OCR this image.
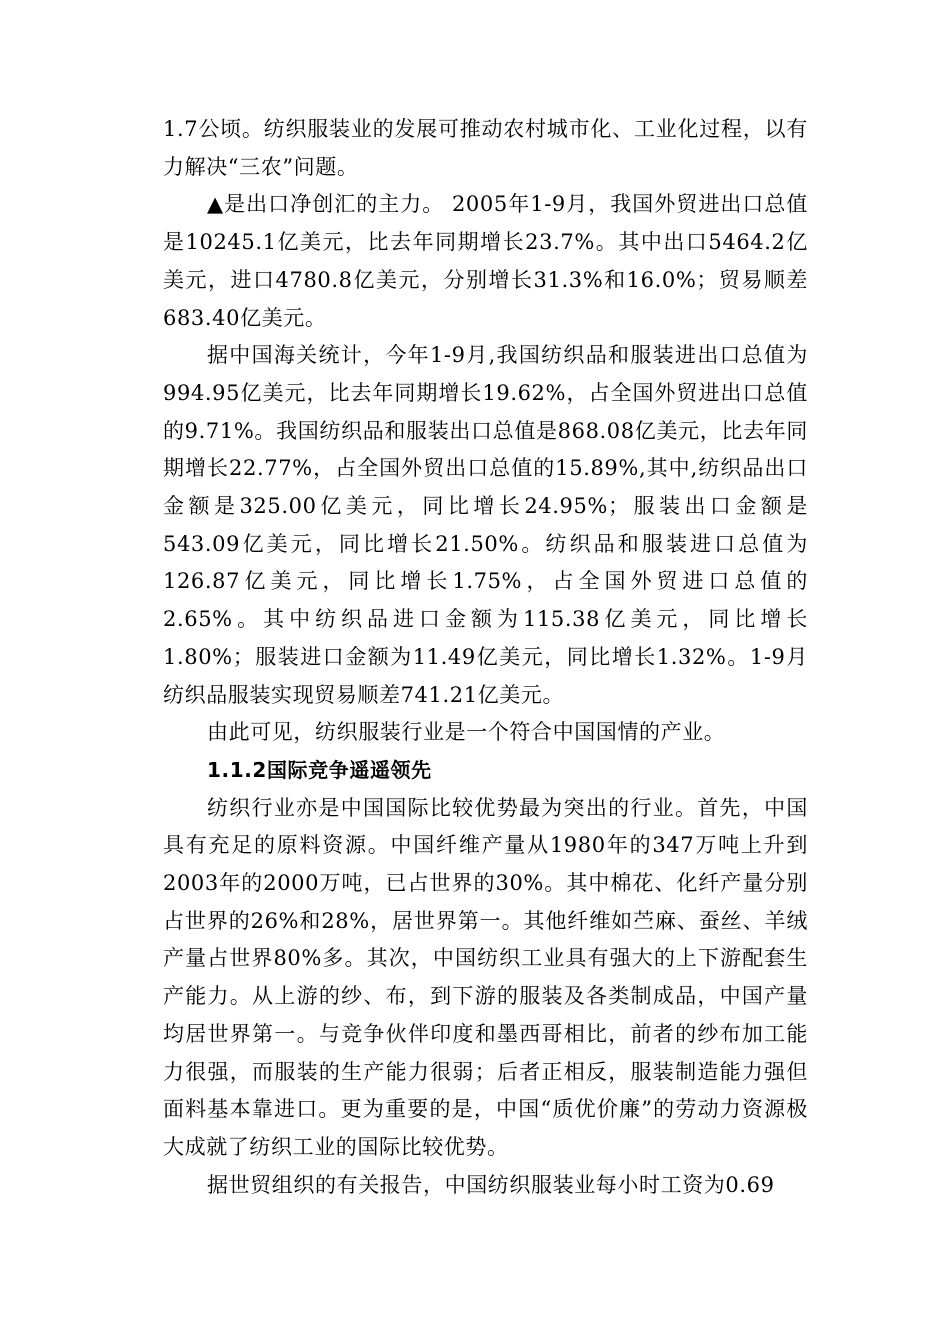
1.7公顷。纺织服装业的发展可推动农村城市化、工业化过程，以有力解决“三农”问题。

▲是出口净创汇的主力。 2005年1-9月，我国外贸进出口总值是10245.1亿美元，比去年同期增长23.7%。其中出口5464.2亿美元，进口4780.8亿美元，分别增长31.3%和16.0%；贸易顺差683.40亿美元。

据中国海关统计，今年1-9月,我国纺织品和服装进出口总值为994.95亿美元，比去年同期增长19.62%，占全国外贸进出口总值的9.71%。我国纺织品和服装出口总值是868.08亿美元，比去年同期增长22.77%，占全国外贸出口总值的15.89%,其中,纺织品出口金额是325.00亿美元，同比增长24.95%；服装出口金额是543.09亿美元，同比增长21.50%。纺织品和服装进口总值为126.87亿美元，同比增长1.75%，占全国外贸进口总值的2.65%。其中纺织品进口金额为115.38亿美元，同比增长1.80%；服装进口金额为11.49亿美元，同比增长1.32%。1-9月纺织品服装实现贸易顺差741.21亿美元。

由此可见，纺织服装行业是一个符合中国国情的产业。

1.1.2国际竞争遥遥领先

纺织行业亦是中国国际比较优势最为突出的行业。首先，中国具有充足的原料资源。中国纤维产量从1980年的347万吨上升到2003年的2000万吨，已占世界的30%。其中棉花、化纤产量分别占世界的26%和28%，居世界第一。其他纤维如苎麻、蚕丝、羊绒产量占世界80%多。其次，中国纺织工业具有强大的上下游配套生产能力。从上游的纱、布，到下游的服装及各类制成品，中国产量均居世界第一。与竞争伙伴印度和墨西哥相比，前者的纱布加工能力很强，而服装的生产能力很弱；后者正相反，服装制造能力强但面料基本靠进口。更为重要的是，中国“质优价廉”的劳动力资源极大成就了纺织工业的国际比较优势。

据世贸组织的有关报告，中国纺织服装业每小时工资为0.69
